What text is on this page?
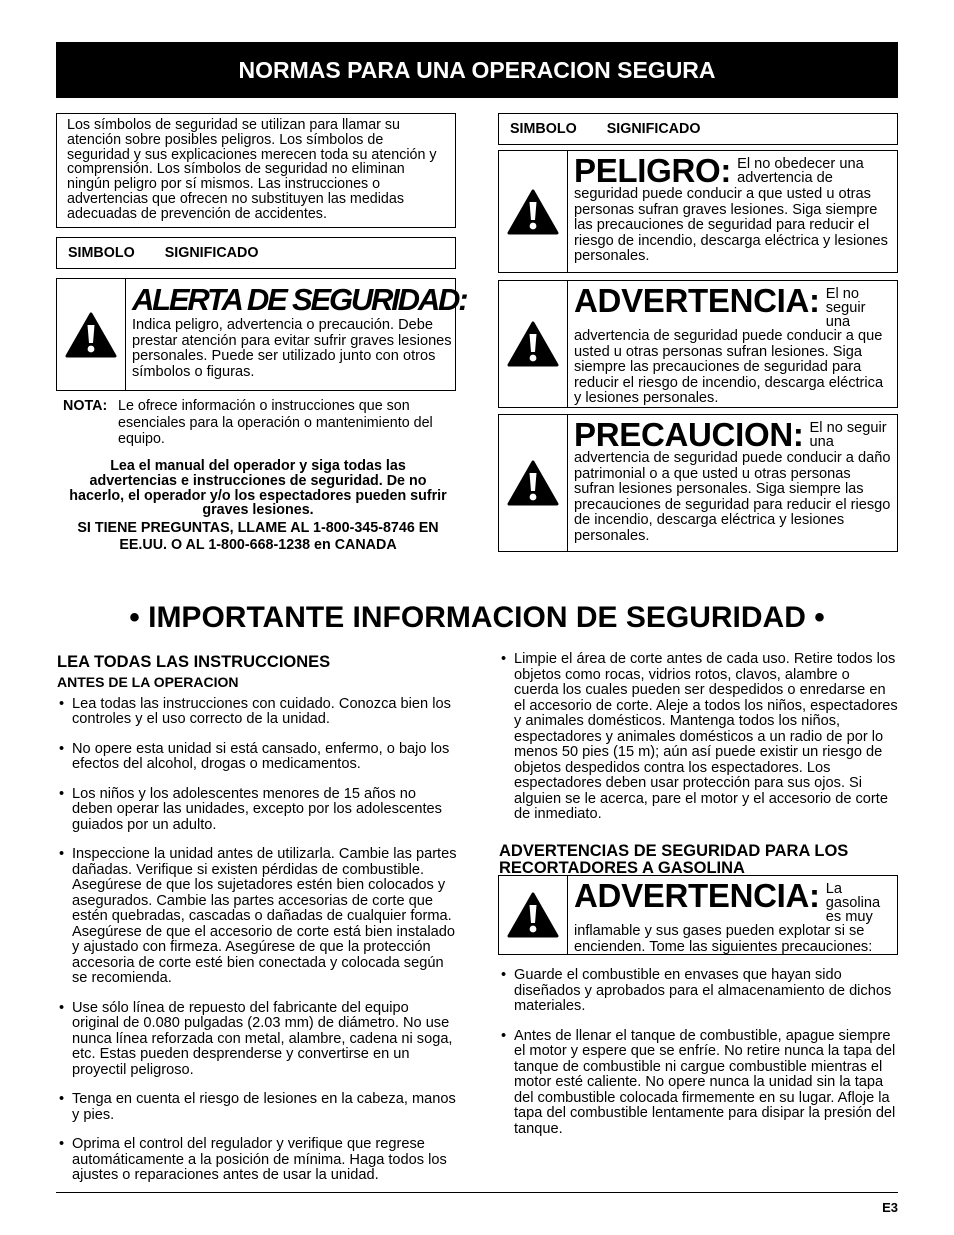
NORMAS PARA UNA OPERACION SEGURA
Los símbolos de seguridad se utilizan para llamar su atención sobre posibles peligros. Los símbolos de seguridad y sus explicaciones merecen toda su atención y comprensión. Los símbolos de seguridad no eliminan ningún peligro por sí mismos. Las instrucciones o advertencias que ofrecen no substituyen las medidas adecuadas de prevención de accidentes.
SIMBOLO SIGNIFICADO
ALERTA DE SEGURIDAD:
Indica peligro, advertencia o precaución. Debe prestar atención para evitar sufrir graves lesiones personales. Puede ser utilizado junto con otros símbolos o figuras.
NOTA: Le ofrece información o instrucciones que son esenciales para la operación o mantenimiento del equipo.
Lea el manual del operador y siga todas las advertencias e instrucciones de seguridad. De no hacerlo, el operador y/o los espectadores pueden sufrir graves lesiones.
SI TIENE PREGUNTAS, LLAME AL 1-800-345-8746 EN EE.UU. O AL 1-800-668-1238 en CANADA
SIMBOLO SIGNIFICADO
PELIGRO: El no obedecer una advertencia de
seguridad puede conducir a que usted u otras personas sufran graves lesiones. Siga siempre las precauciones de seguridad para reducir el riesgo de incendio, descarga eléctrica y lesiones personales.
ADVERTENCIA: El no seguir una
advertencia de seguridad puede conducir a que usted u otras personas sufran lesiones. Siga siempre las precauciones de seguridad para reducir el riesgo de incendio, descarga eléctrica y lesiones personales.
PRECAUCION: El no seguir una
advertencia de seguridad puede conducir a daño patrimonial o a que usted u otras personas sufran lesiones personales. Siga siempre las precauciones de seguridad para reducir el riesgo de incendio, descarga eléctrica y lesiones personales.
• IMPORTANTE INFORMACION DE SEGURIDAD •
LEA TODAS LAS INSTRUCCIONES
ANTES DE LA OPERACION
• Lea todas las instrucciones con cuidado. Conozca bien los controles y el uso correcto de la unidad.
• No opere esta unidad si está cansado, enfermo, o bajo los efectos del alcohol, drogas o medicamentos.
• Los niños y los adolescentes menores de 15 años no deben operar las unidades, excepto por los adolescentes guiados por un adulto.
• Inspeccione la unidad antes de utilizarla. Cambie las partes dañadas. Verifique si existen pérdidas de combustible. Asegúrese de que los sujetadores estén bien colocados y asegurados. Cambie las partes accesorias de corte que estén quebradas, cascadas o dañadas de cualquier forma. Asegúrese de que el accesorio de corte está bien instalado y ajustado con firmeza. Asegúrese de que la protección accesoria de corte esté bien conectada y colocada según se recomienda.
• Use sólo línea de repuesto del fabricante del equipo original de 0.080 pulgadas (2.03 mm) de diámetro. No use nunca línea reforzada con metal, alambre, cadena ni soga, etc. Estas pueden desprenderse y convertirse en un proyectil peligroso.
• Tenga en cuenta el riesgo de lesiones en la cabeza, manos y pies.
• Oprima el control del regulador y verifique que regrese automáticamente a la posición de mínima. Haga todos los ajustes o reparaciones antes de usar la unidad.
• Limpie el área de corte antes de cada uso. Retire todos los objetos como rocas, vidrios rotos, clavos, alambre o cuerda los cuales pueden ser despedidos o enredarse en el accesorio de corte. Aleje a todos los niños, espectadores y animales domésticos. Mantenga todos los niños, espectadores y animales domésticos a un radio de por lo menos 50 pies (15 m); aún así puede existir un riesgo de objetos despedidos contra los espectadores. Los espectadores deben usar protección para sus ojos. Si alguien se le acerca, pare el motor y el accesorio de corte de inmediato.
ADVERTENCIAS DE SEGURIDAD PARA LOS RECORTADORES A GASOLINA
ADVERTENCIA: La gasolina es muy
inflamable y sus gases pueden explotar si se encienden. Tome las siguientes precauciones:
• Guarde el combustible en envases que hayan sido diseñados y aprobados para el almacenamiento de dichos materiales.
• Antes de llenar el tanque de combustible, apague siempre el motor y espere que se enfríe. No retire nunca la tapa del tanque de combustible ni cargue combustible mientras el motor esté caliente. No opere nunca la unidad sin la tapa del combustible colocada firmemente en su lugar. Afloje la tapa del combustible lentamente para disipar la presión del tanque.
E3
